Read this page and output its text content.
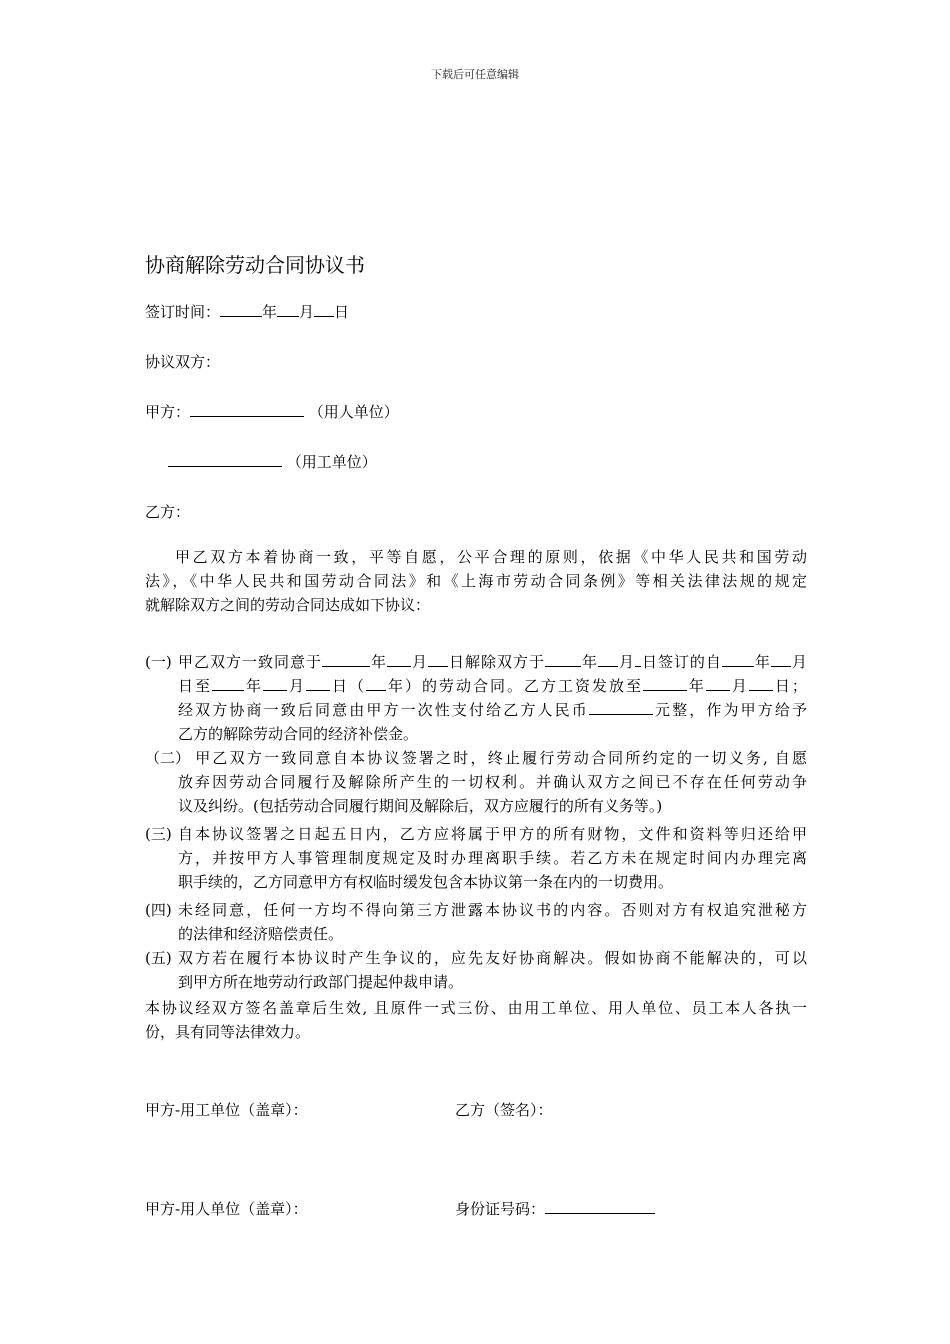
下载后可任意编辑
协商解除劳动合同协议书
签订时间：	年 月 日
协议双方：
甲方：	（用人单位）
（用工单位）
乙方：
甲乙双方本着协商一致，平等自愿，公平合理的原则，依据《中华人民共和国劳动
法》，《中华人民共和国劳动合同法》和《上海市劳动合同条例》等相关法律法规的规定
就解除双方之间的劳动合同达成如下协议：
(一) 甲乙双方一致同意于	年 月 日解除双方于 年 月 日签订的自 年 月
日至 年 月 日（ 年）的劳动合同。乙方工资发放至	年 月 日；
经双方协商一致后同意由甲方一次性支付给乙方人民币	元整，作为甲方给予
乙方的解除劳动合同的经济补偿金。
（二）
　甲乙双方一致同意自本协议签署之时，终止履行劳动合同所约定的一切义务, 自愿
放弃因劳动合同履行及解除所产生的一切权利。并确认双方之间已不存在任何劳动争
议及纠纷。(包括劳动合同履行期间及解除后，双方应履行的所有义务等。)
(三) 自本协议签署之日起五日内，乙方应将属于甲方的所有财物，文件和资料等归还给甲
方，并按甲方人事管理制度规定及时办理离职手续。若乙方未在规定时间内办理完离
职手续的，乙方同意甲方有权临时缓发包含本协议第一条在内的一切费用。
(四) 未经同意，任何一方均不得向第三方泄露本协议书的内容。否则对方有权追究泄秘方
的法律和经济赔偿责任。
(五) 双方若在履行本协议时产生争议的，应先友好协商解决。假如协商不能解决的，可以
到甲方所在地劳动行政部门提起仲裁申请。
本协议经双方签名盖章后生效, 且原件一式三份、由用工单位、用人单位、员工本人各执一
份，具有同等法律效力。
甲方-用工单位（盖章）：	乙方（签名）：
甲方-用人单位（盖章）：	身份证号码：
